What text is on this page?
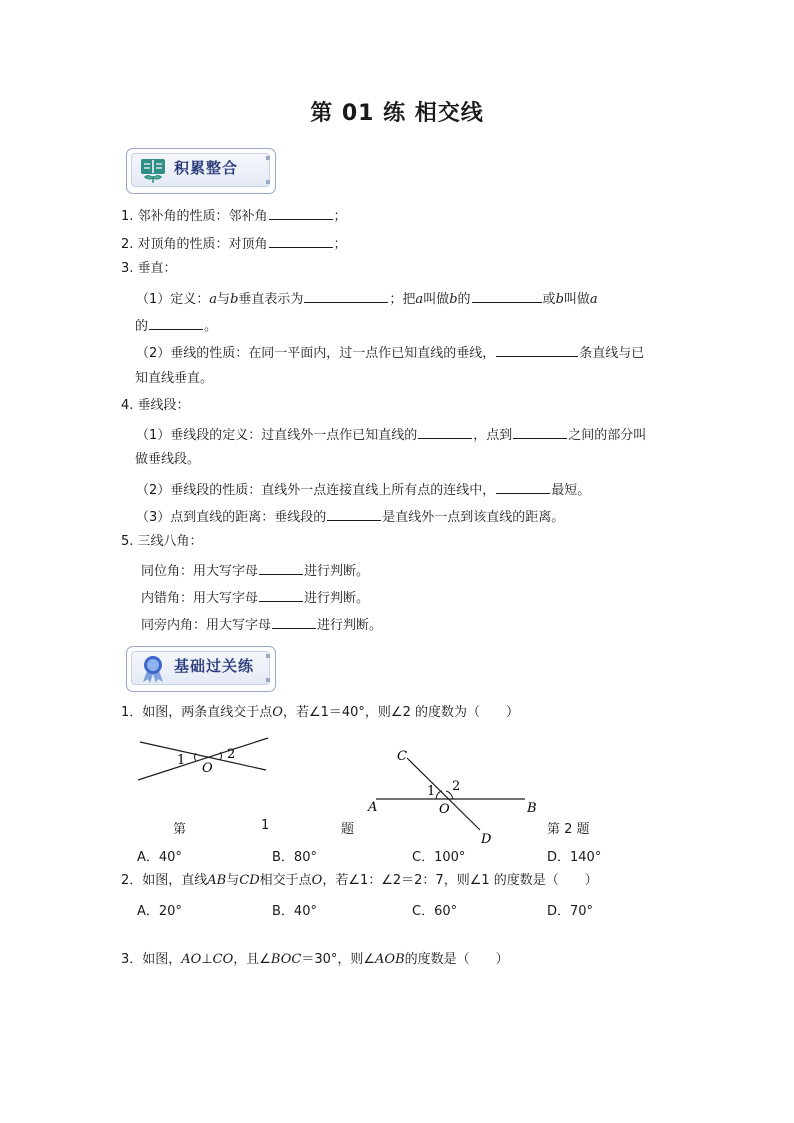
第 01 练 相交线
积累整合
1. 邻补角的性质：邻补角	；
2. 对顶角的性质：对顶角	；
3. 垂直：
（1）定义：a与b垂直表示为	；把a叫做b的	或b叫做a
的	。
（2）垂线的性质：在同一平面内，过一点作已知直线的垂线，	条直线与已
知直线垂直。
4. 垂线段：
（1）垂线段的定义：过直线外一点作已知直线的	，点到	之间的部分叫
做垂线段。
（2）垂线段的性质：直线外一点连接直线上所有点的连线中，	最短。
（3）点到直线的距离：垂线段的	是直线外一点到该直线的距离。
5. 三线八角：
同位角：用大写字母	进行判断。
内错角：用大写字母	进行判断。
同旁内角：用大写字母	进行判断。
基础过关练
1．如图，两条直线交于点O，若∠1＝40°，则∠2 的度数为（　　）
1	2
O
C
1 2
A	O	B
D
第	1	题	第 2 题
A．40°	B．80°	C．100°	D．140°
2．如图，直线AB与CD相交于点O，若∠1：∠2＝2：7，则∠1 的度数是（　　）
A．20°	B．40°	C．60°	D．70°
3．如图，AO⊥CO，且∠BOC＝30°，则∠AOB的度数是（　　）
